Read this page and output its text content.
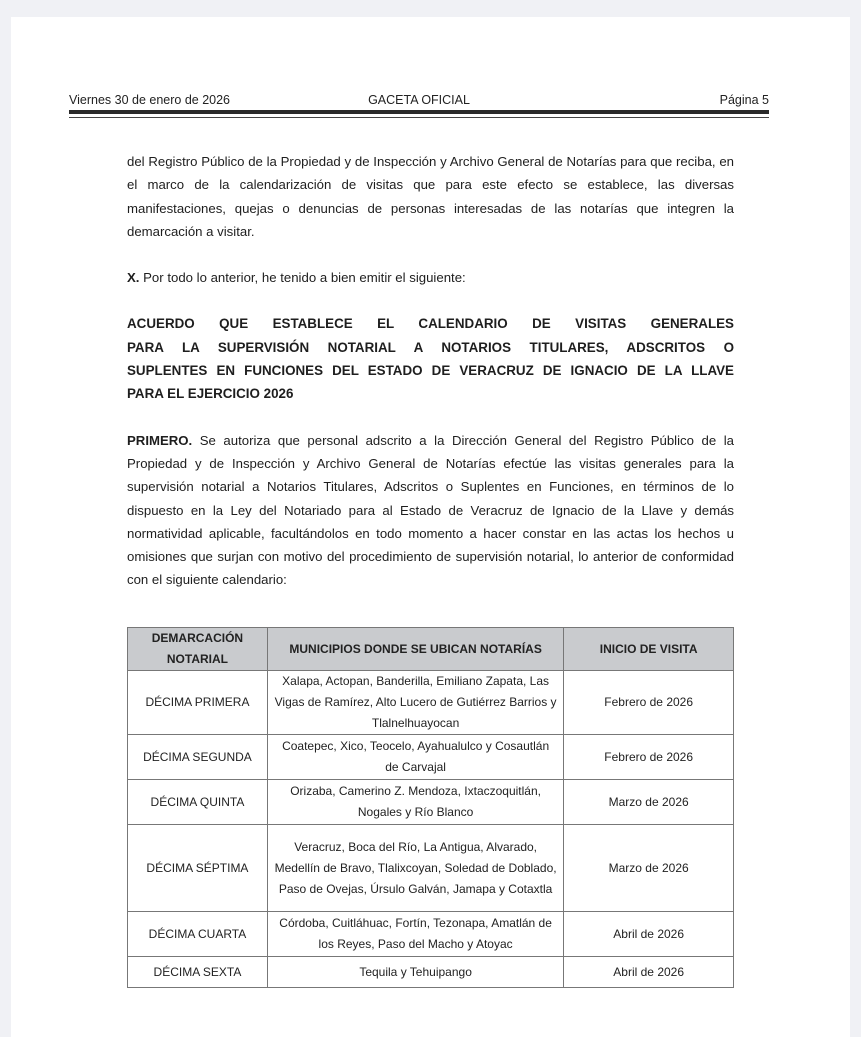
Viernes 30 de enero de 2026	GACETA OFICIAL	Página 5

del Registro Público de la Propiedad y de Inspección y Archivo General de Notarías para que reciba, en el marco de la calendarización de visitas que para este efecto se establece, las diversas manifestaciones, quejas o denuncias de personas interesadas de las notarías que integren la demarcación a visitar.

X. Por todo lo anterior, he tenido a bien emitir el siguiente:

ACUERDO QUE ESTABLECE EL CALENDARIO DE VISITAS GENERALES
PARA LA SUPERVISIÓN NOTARIAL A NOTARIOS TITULARES, ADSCRITOS O
SUPLENTES EN FUNCIONES DEL ESTADO DE VERACRUZ DE IGNACIO DE LA LLAVE
PARA EL EJERCICIO 2026

PRIMERO. Se autoriza que personal adscrito a la Dirección General del Registro Público de la Propiedad y de Inspección y Archivo General de Notarías efectúe las visitas generales para la supervisión notarial a Notarios Titulares, Adscritos o Suplentes en Funciones, en términos de lo dispuesto en la Ley del Notariado para al Estado de Veracruz de Ignacio de la Llave y demás normatividad aplicable, facultándolos en todo momento a hacer constar en las actas los hechos u omisiones que surjan con motivo del procedimiento de supervisión notarial, lo anterior de conformidad con el siguiente calendario:

DEMARCACIÓN NOTARIAL	MUNICIPIOS DONDE SE UBICAN NOTARÍAS	INICIO DE VISITA
DÉCIMA PRIMERA	Xalapa, Actopan, Banderilla, Emiliano Zapata, Las Vigas de Ramírez, Alto Lucero de Gutiérrez Barrios y Tlalnelhuayocan	Febrero de 2026
DÉCIMA SEGUNDA	Coatepec, Xico, Teocelo, Ayahualulco y Cosautlán de Carvajal	Febrero de 2026
DÉCIMA QUINTA	Orizaba, Camerino Z. Mendoza, Ixtaczoquitlán, Nogales y Río Blanco	Marzo de 2026
DÉCIMA SÉPTIMA	Veracruz, Boca del Río, La Antigua, Alvarado, Medellín de Bravo, Tlalixcoyan, Soledad de Doblado, Paso de Ovejas, Úrsulo Galván, Jamapa y Cotaxtla	Marzo de 2026
DÉCIMA CUARTA	Córdoba, Cuitláhuac, Fortín, Tezonapa, Amatlán de los Reyes, Paso del Macho y Atoyac	Abril de 2026
DÉCIMA SEXTA	Tequila y Tehuipango	Abril de 2026
